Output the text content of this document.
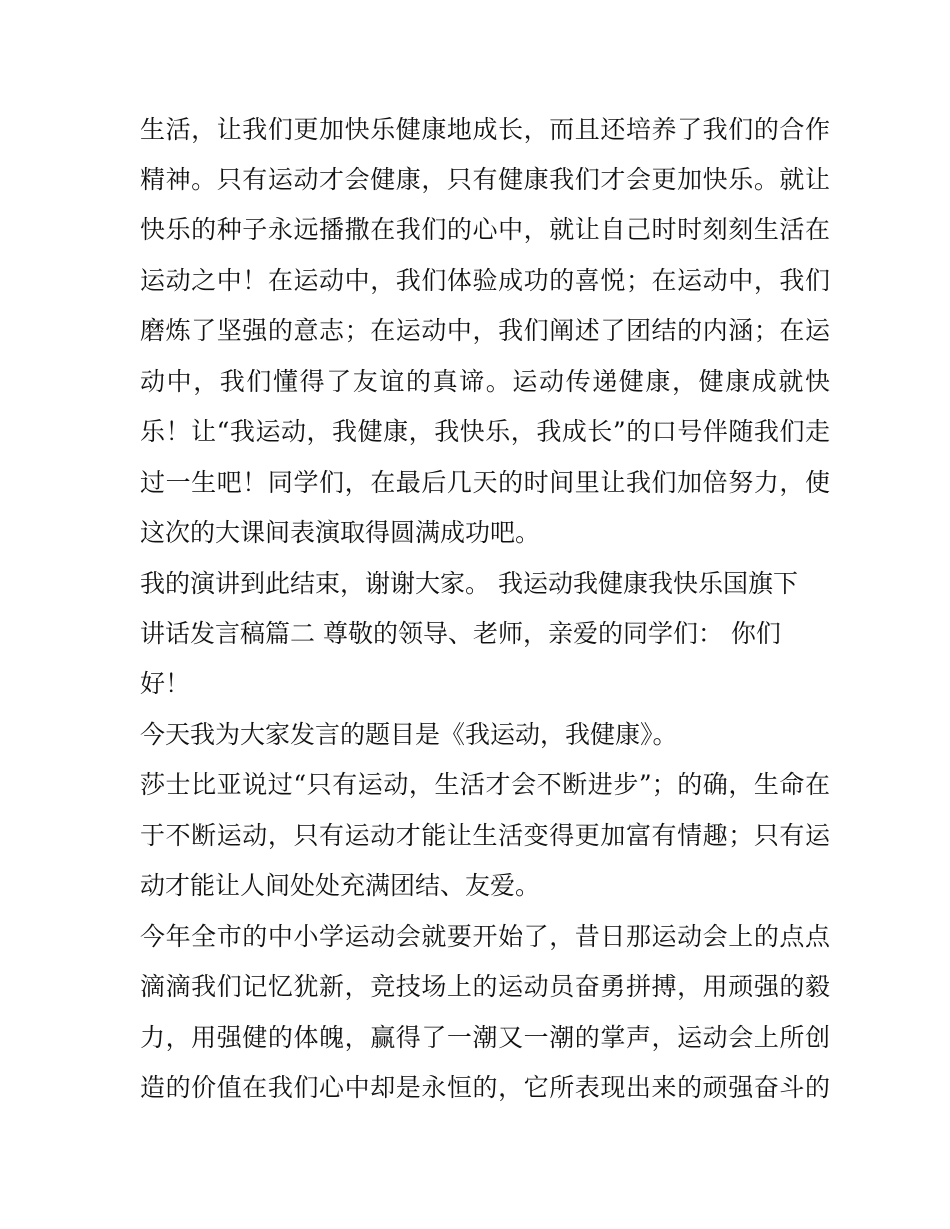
生活，让我们更加快乐健康地成长，而且还培养了我们的合作
精神。只有运动才会健康，只有健康我们才会更加快乐。就让
快乐的种子永远播撒在我们的心中，就让自己时时刻刻生活在
运动之中！在运动中，我们体验成功的喜悦；在运动中，我们
磨炼了坚强的意志；在运动中，我们阐述了团结的内涵；在运
动中，我们懂得了友谊的真谛。运动传递健康，健康成就快
乐！让“我运动，我健康，我快乐，我成长”的口号伴随我们走
过一生吧！同学们，在最后几天的时间里让我们加倍努力，使
这次的大课间表演取得圆满成功吧。
我的演讲到此结束，谢谢大家。 我运动我健康我快乐国旗下
讲话发言稿篇二 尊敬的领导、老师，亲爱的同学们： 你们
好！
今天我为大家发言的题目是《我运动，我健康》。
莎士比亚说过“只有运动，生活才会不断进步”；的确，生命在
于不断运动，只有运动才能让生活变得更加富有情趣；只有运
动才能让人间处处充满团结、友爱。
今年全市的中小学运动会就要开始了，昔日那运动会上的点点
滴滴我们记忆犹新，竞技场上的运动员奋勇拼搏，用顽强的毅
力，用强健的体魄，赢得了一潮又一潮的掌声，运动会上所创
造的价值在我们心中却是永恒的，它所表现出来的顽强奋斗的
